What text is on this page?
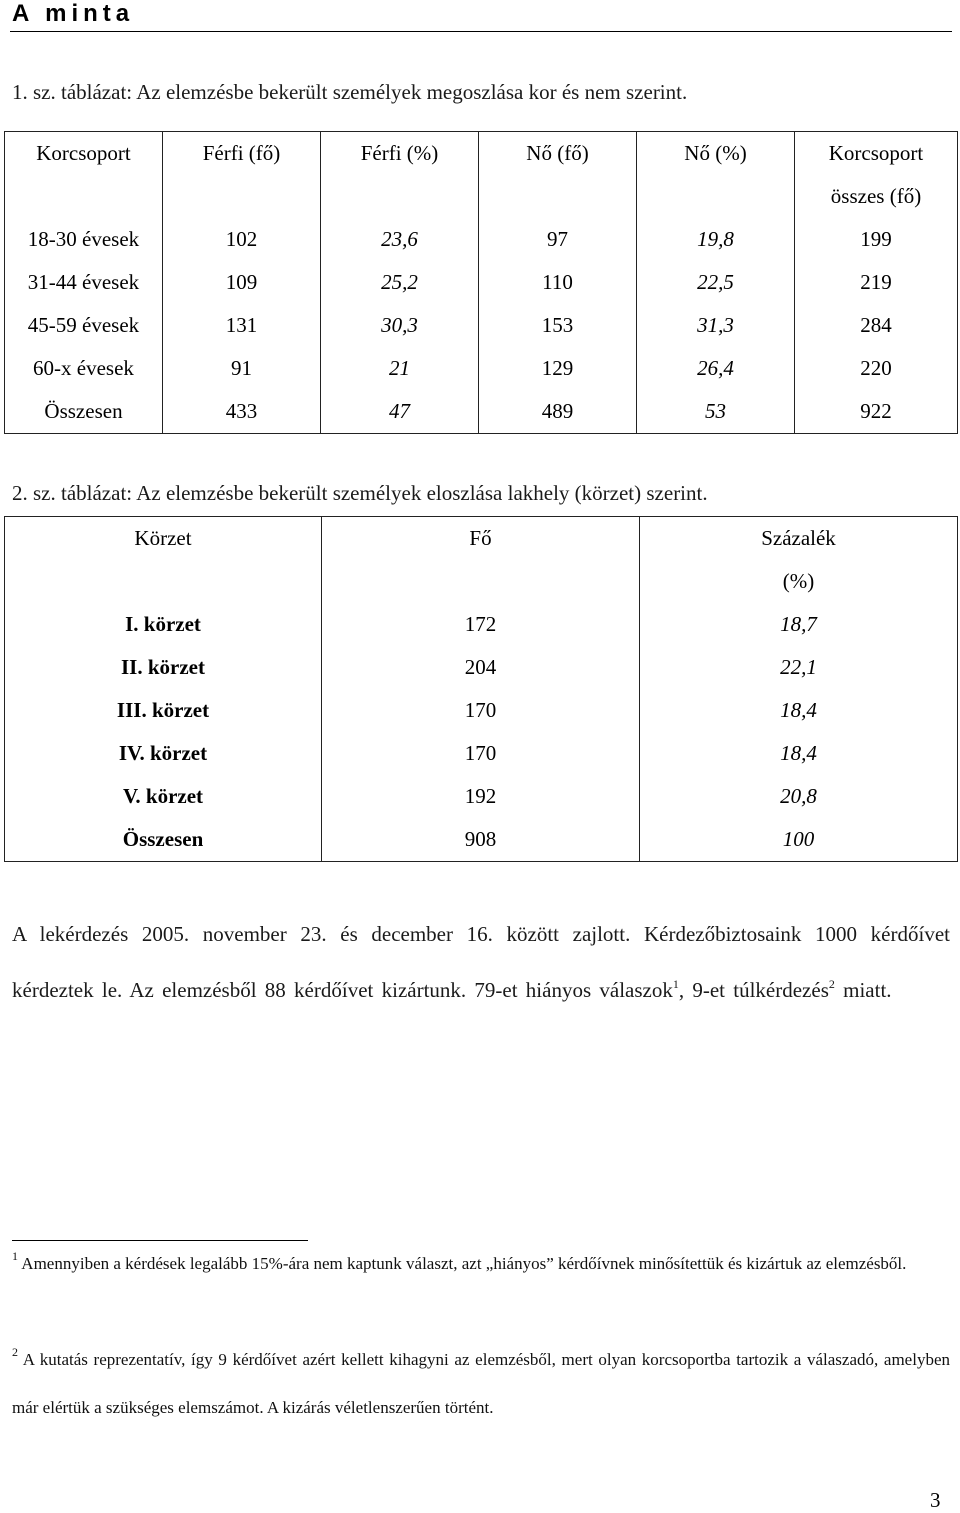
A minta
1. sz. táblázat: Az elemzésbe bekerült személyek megoszlása kor és nem szerint.
Korcsoport	Férfi (fő)	Férfi (%)	Nő (fő)	Nő (%)	Korcsoport
összes (fő)
18-30 évesek	102	23,6	97	19,8	199
31-44 évesek	109	25,2	110	22,5	219
45-59 évesek	131	30,3	153	31,3	284
60-x évesek	91	21	129	26,4	220
Összesen	433	47	489	53	922
2. sz. táblázat: Az elemzésbe bekerült személyek eloszlása lakhely (körzet) szerint.
Körzet	Fő	Százalék
(%)
I. körzet	172	18,7
II. körzet	204	22,1
III. körzet	170	18,4
IV. körzet	170	18,4
V. körzet	192	20,8
Összesen	908	100
A lekérdezés 2005. november 23. és december 16. között zajlott. Kérdezőbiztosaink 1000 kérdőívet kérdeztek le. Az elemzésből 88 kérdőívet kizártunk. 79-et hiányos válaszok$^1$, 9-et túlkérdezés$^2$ miatt.
$^1$ Amennyiben a kérdések legalább 15%-ára nem kaptunk választ, azt „hiányos” kérdőívnek minősítettük és kizártuk az elemzésből.
$^2$ A kutatás reprezentatív, így 9 kérdőívet azért kellett kihagyni az elemzésből, mert olyan korcsoportba tartozik a válaszadó, amelyben már elértük a szükséges elemszámot. A kizárás véletlenszerűen történt.
3
